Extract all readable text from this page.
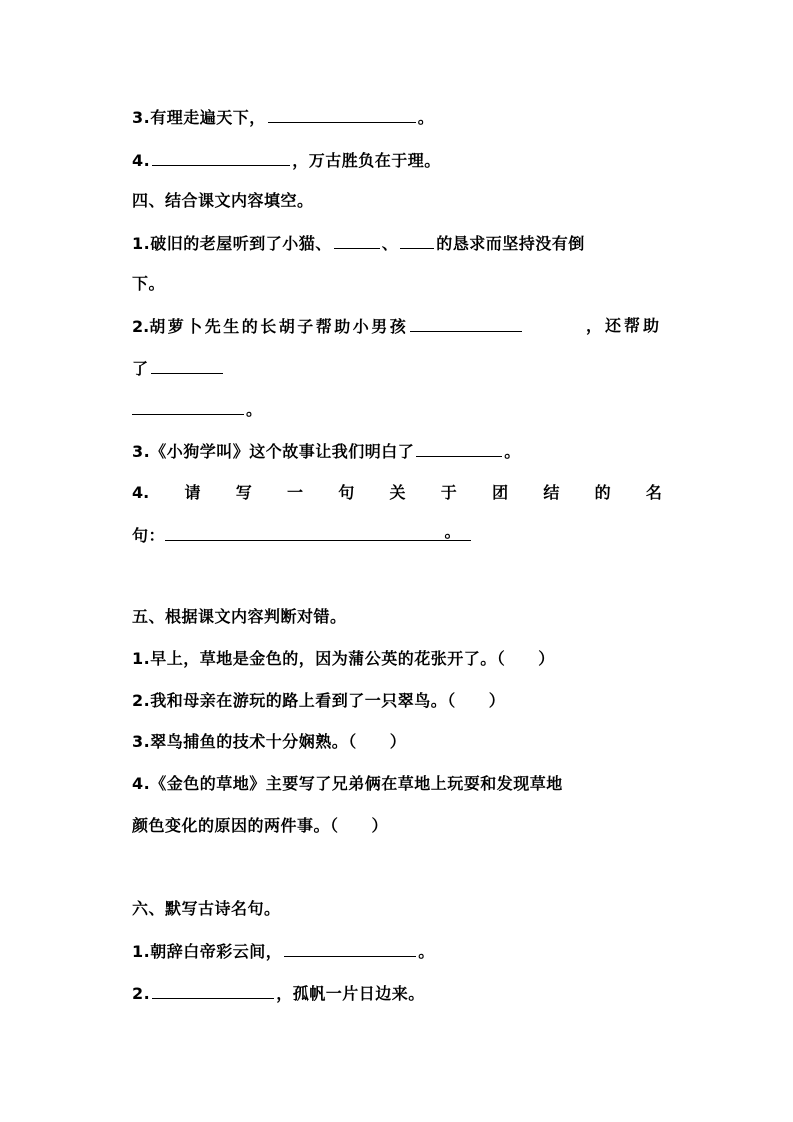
3.有理走遍天下，	。
4.	，万古胜负在于理。
四、结合课文内容填空。
1.破旧的老屋听到了小猫、	、 的恳求而坚持没有倒
下。
2.胡萝卜先生的长胡子帮助小男孩	，还帮助
了
。
3.《小狗学叫》这个故事让我们明白了	。
4. 请 写 一 句 关 于 团 结 的 名
句：	。
五、根据课文内容判断对错。
1.早上，草地是金色的，因为蒲公英的花张开了。（　　）
2.我和母亲在游玩的路上看到了一只翠鸟。（　　）
3.翠鸟捕鱼的技术十分娴熟。（　　）
4.《金色的草地》主要写了兄弟俩在草地上玩耍和发现草地
颜色变化的原因的两件事。（　　）
六、默写古诗名句。
1.朝辞白帝彩云间，	。
2.	，孤帆一片日边来。
